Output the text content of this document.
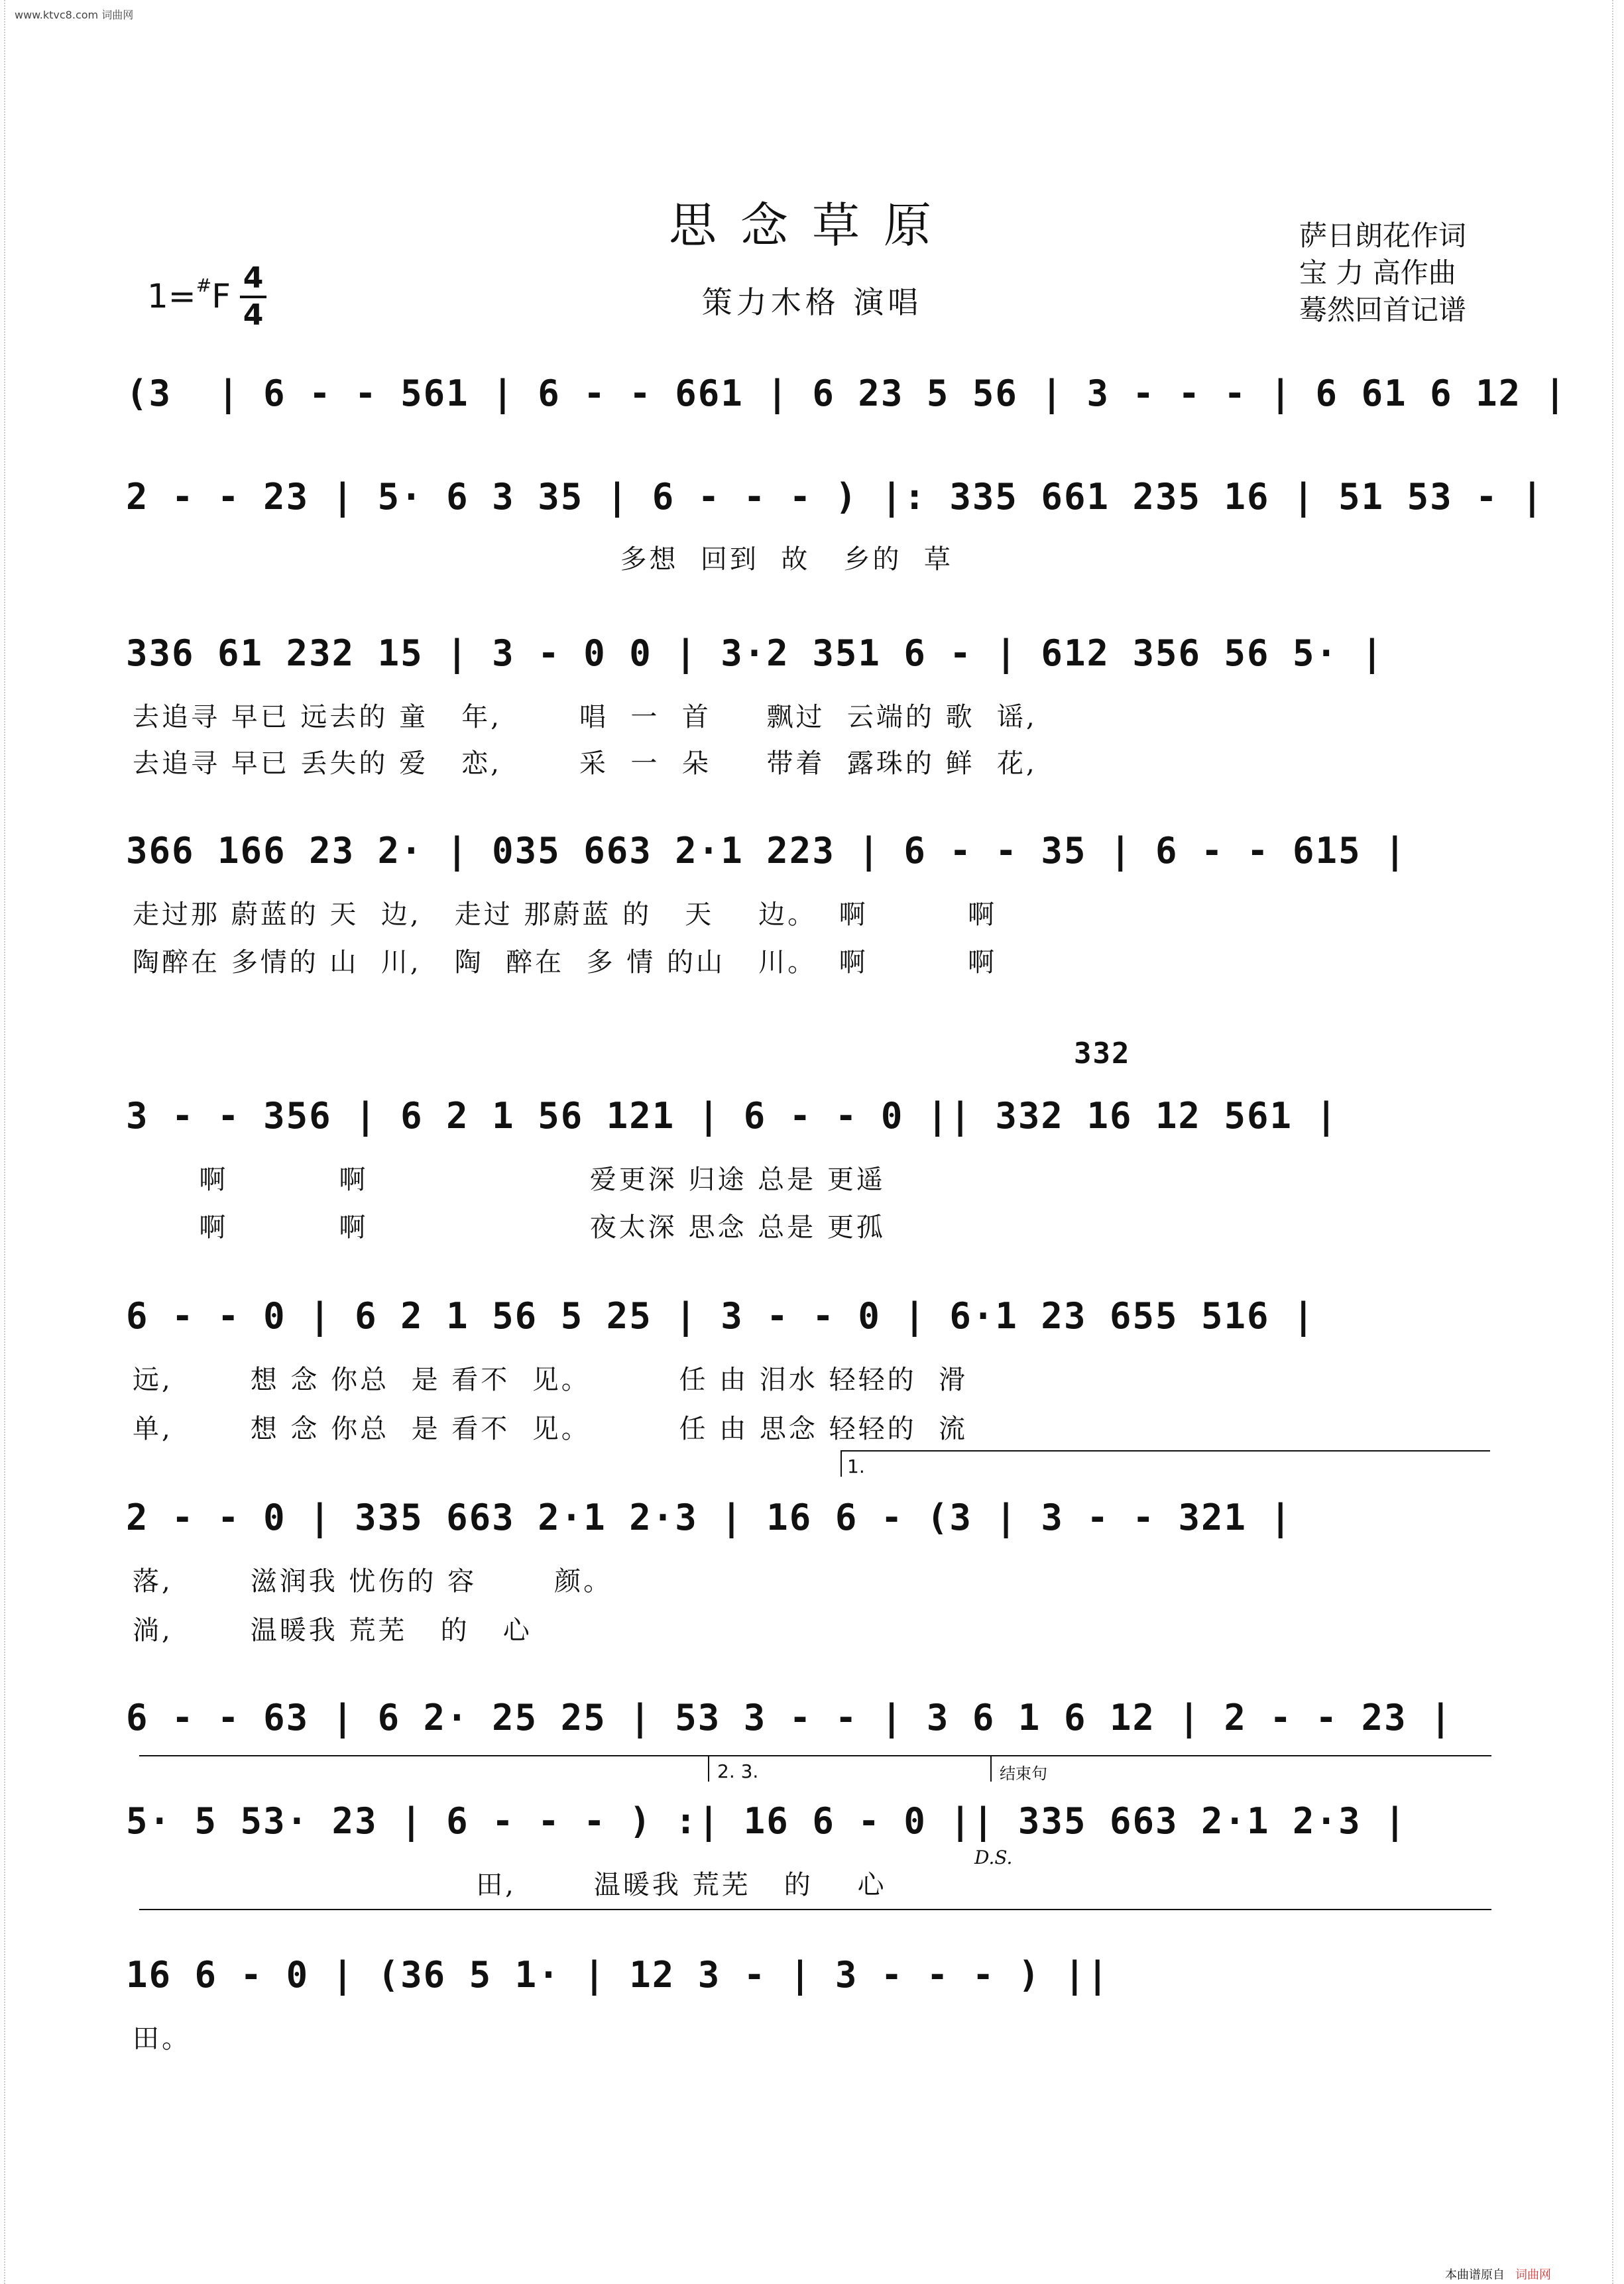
www.ktvc8.com 词曲网
思念草原
策力木格 演唱
萨日朗花作词
宝 力 高作曲
蓦然回首记谱
1=#F 4
4
(3  | 6 - - 561 | 6 - - 661 | 6 23 5 56 | 3 - - - | 6 61 6 12 |
2 - - 23 | 5· 6 3 35 | 6 - - - ) |: 335 661 235 16 | 51 53 - |
多想  回到  故   乡的  草
336 61 232 15 | 3 - 0 0 | 3·2 351 6 - | 612 356 56 5· |
去追寻 早已 远去的 童   年,       唱  一  首     飘过  云端的 歌  谣,
去追寻 早已 丢失的 爱   恋,       采  一  朵     带着  露珠的 鲜  花,
366 166 23 2· | 035 663 2·1 223 | 6 - - 35 | 6 - - 615 |
走过那 蔚蓝的 天  边,   走过 那蔚蓝 的   天    边。  啊         啊
陶醉在 多情的 山  川,   陶  醉在  多 情 的山   川。  啊         啊
332
3 - - 356 | 6 2 1 56 121 | 6 - - 0 || 332 16 12 561 |
啊          啊                    爱更深 归途 总是 更遥
啊          啊                    夜太深 思念 总是 更孤
6 - - 0 | 6 2 1 56 5 25 | 3 - - 0 | 6·1 23 655 516 |
远,       想 念 你总  是 看不  见。        任 由 泪水 轻轻的  滑
单,       想 念 你总  是 看不  见。        任 由 思念 轻轻的  流
1.
2 - - 0 | 335 663 2·1 2·3 | 16 6 - (3 | 3 - - 321 |
落,       滋润我 忧伤的 容       颜。
淌,       温暖我 荒芜   的   心
6 - - 63 | 6 2· 25 25 | 53 3 - - | 3 6 1 6 12 | 2 - - 23 |
2. 3.	结束句
5· 5 53· 23 | 6 - - - ) :| 16 6 - 0 || 335 663 2·1 2·3 |
D.S.
田,       温暖我 荒芜   的    心
16 6 - 0 | (36 5 1· | 12 3 - | 3 - - - ) ||
田。
本曲谱原自 词曲网
